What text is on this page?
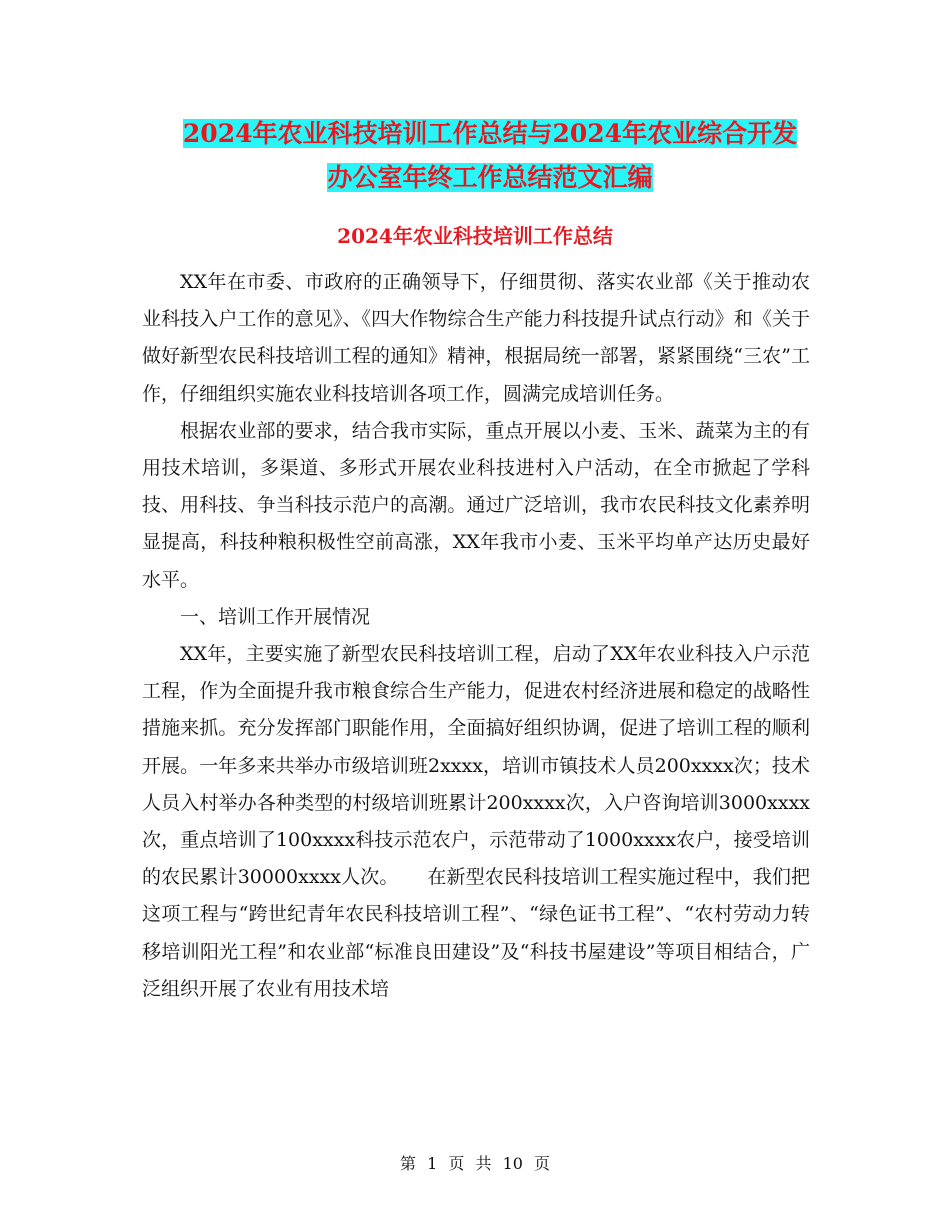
2024年农业科技培训工作总结与2024年农业综合开发
办公室年终工作总结范文汇编
2024年农业科技培训工作总结

XX年在市委、市政府的正确领导下，仔细贯彻、落实农业部《关于推动农业科技入户工作的意见》、《四大作物综合生产能力科技提升试点行动》和《关于做好新型农民科技培训工程的通知》精神，根据局统一部署，紧紧围绕“三农”工作，仔细组织实施农业科技培训各项工作，圆满完成培训任务。

根据农业部的要求，结合我市实际，重点开展以小麦、玉米、蔬菜为主的有用技术培训，多渠道、多形式开展农业科技进村入户活动，在全市掀起了学科技、用科技、争当科技示范户的高潮。通过广泛培训，我市农民科技文化素养明显提高，科技种粮积极性空前高涨，XX年我市小麦、玉米平均单产达历史最好水平。

一、培训工作开展情况

XX年，主要实施了新型农民科技培训工程，启动了XX年农业科技入户示范工程，作为全面提升我市粮食综合生产能力，促进农村经济进展和稳定的战略性措施来抓。充分发挥部门职能作用，全面搞好组织协调，促进了培训工程的顺利开展。一年多来共举办市级培训班2xxxx，培训市镇技术人员200xxxx次；技术人员入村举办各种类型的村级培训班累计200xxxx次，入户咨询培训3000xxxx次，重点培训了100xxxx科技示范农户，示范带动了1000xxxx农户，接受培训的农民累计30000xxxx人次。　　在新型农民科技培训工程实施过程中，我们把这项工程与“跨世纪青年农民科技培训工程”、“绿色证书工程”、“农村劳动力转移培训阳光工程”和农业部“标准良田建设”及“科技书屋建设”等项目相结合，广泛组织开展了农业有用技术培

第 1 页 共 10 页
